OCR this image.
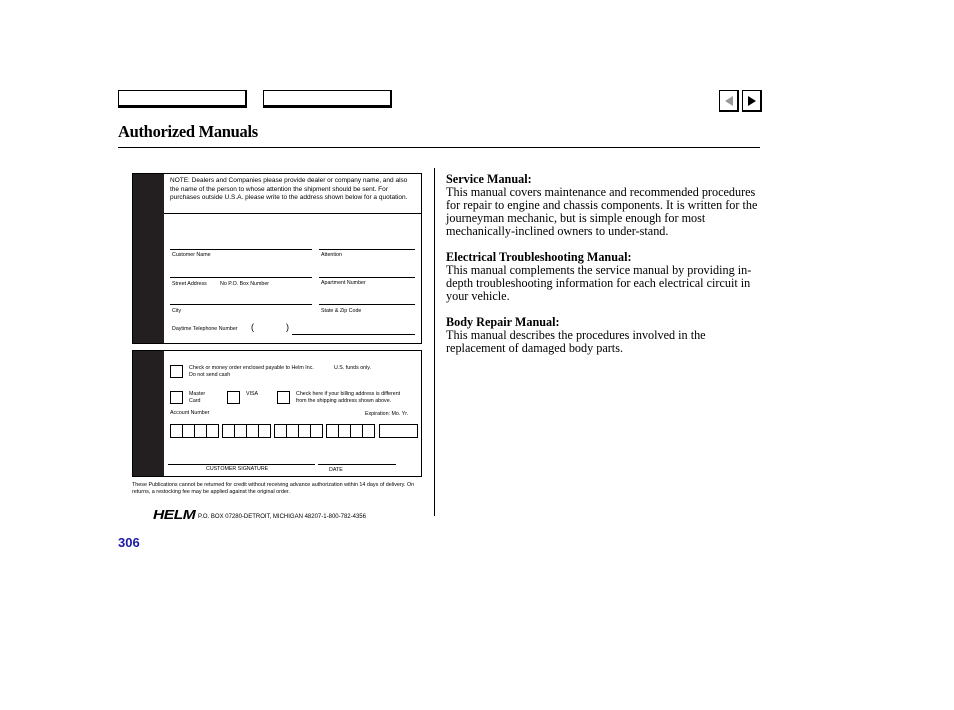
Authorized Manuals
NOTE: Dealers and Companies please provide dealer or company name, and also the name of the person to whose attention the shipment should be sent. For purchases outside U.S.A. please write to the address shown below for a quotation.
Customer Name	Attention
Street Address	No P.O. Box Number	Apartment Number
City	State & Zip Code
Daytime Telephone Number (	)
Check or money order enclosed payable to Helm Inc.	U.S. funds only.
Do not send cash
Master
Card
VISA	Check here if your billing address is different
from the shipping address shown above.
Account Number	Expiration: Mo. Yr.
CUSTOMER SIGNATURE	DATE

These Publications cannot be returned for credit without receiving advance authorization within 14 days of delivery. On returns, a restocking fee may be applied against the original order.

HELM P.O. BOX 07280-DETROIT, MICHIGAN 48207-1-800-782-4356
306
Service Manual:

This manual covers maintenance and recommended procedures for repair to engine and chassis components. It is written for the journeyman mechanic, but is simple enough for most mechanically-inclined owners to under-stand.

Electrical Troubleshooting Manual:

This manual complements the service manual by providing in-depth troubleshooting information for each electrical circuit in your vehicle.

Body Repair Manual:

This manual describes the procedures involved in the replacement of damaged body parts.
